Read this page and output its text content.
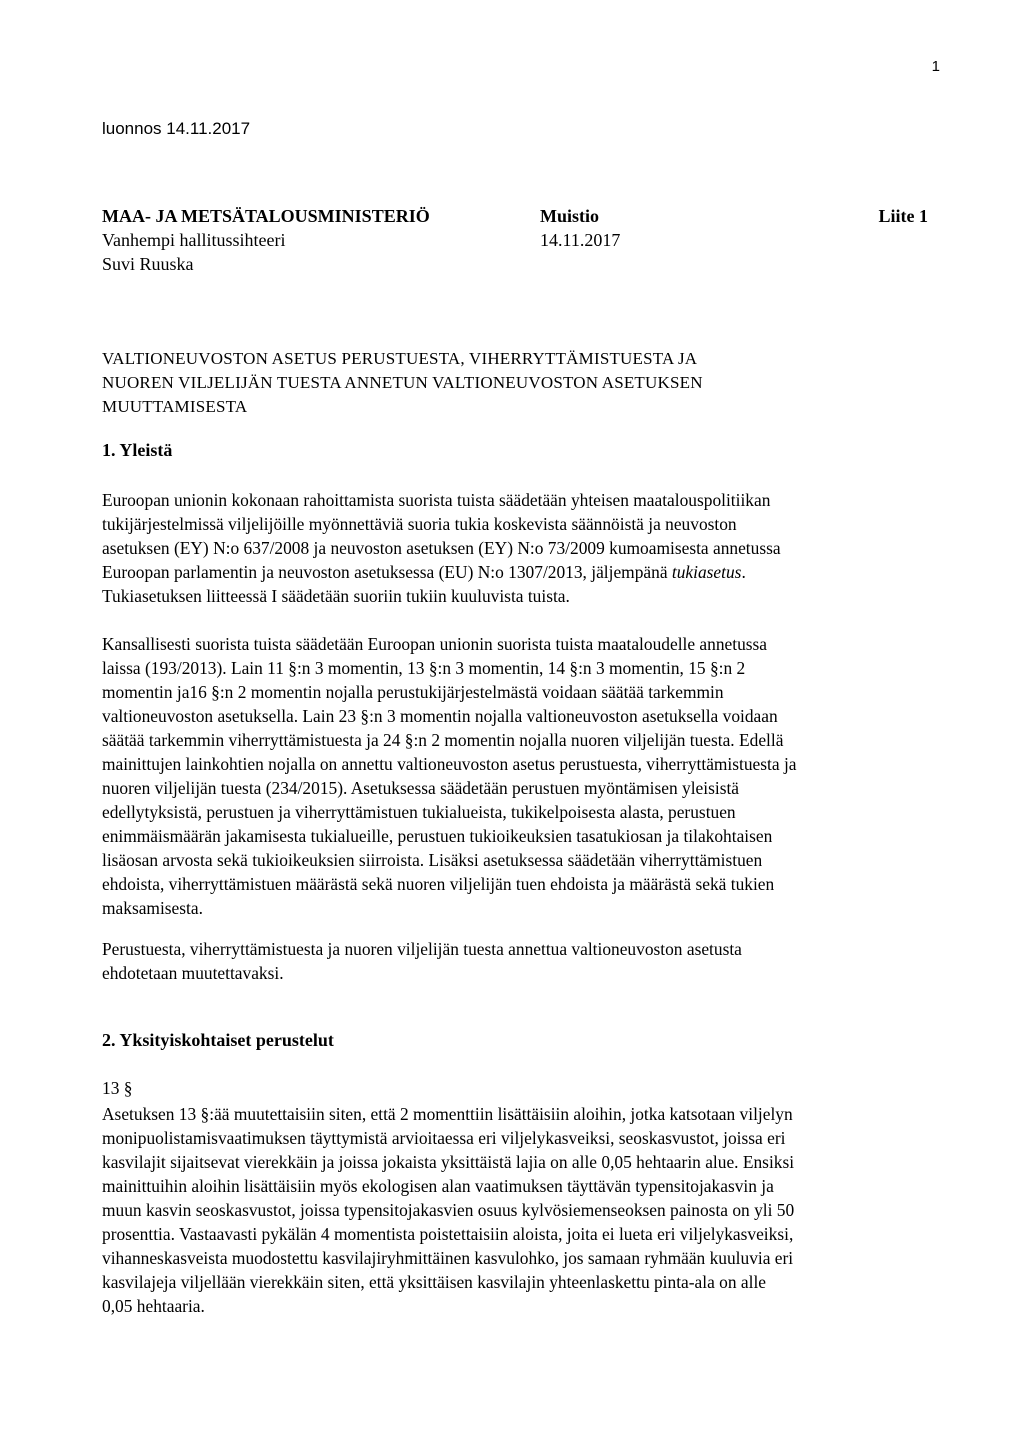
1
luonnos 14.11.2017
MAA- JA METSÄTALOUSMINISTERIÖ
Vanhempi hallitussihteeri
Suvi Ruuska
Muistio
14.11.2017
Liite 1
VALTIONEUVOSTON ASETUS PERUSTUESTA, VIHERRYTTÄMISTUESTA JA
NUOREN VILJELIJÄN TUESTA ANNETUN VALTIONEUVOSTON ASETUKSEN
MUUTTAMISESTA
1. Yleistä

Euroopan unionin kokonaan rahoittamista suorista tuista säädetään yhteisen maatalouspolitiikan
tukijärjestelmissä viljelijöille myönnettäviä suoria tukia koskevista säännöistä ja neuvoston
asetuksen (EY) N:o 637/2008 ja neuvoston asetuksen (EY) N:o 73/2009 kumoamisesta annetussa
Euroopan parlamentin ja neuvoston asetuksessa (EU) N:o 1307/2013, jäljempänä tukiasetus.
Tukiasetuksen liitteessä I säädetään suoriin tukiin kuuluvista tuista.

Kansallisesti suorista tuista säädetään Euroopan unionin suorista tuista maataloudelle annetussa
laissa (193/2013). Lain 11 §:n 3 momentin, 13 §:n 3 momentin, 14 §:n 3 momentin, 15 §:n 2
momentin ja16 §:n 2 momentin nojalla perustukijärjestelmästä voidaan säätää tarkemmin
valtioneuvoston asetuksella. Lain 23 §:n 3 momentin nojalla valtioneuvoston asetuksella voidaan
säätää tarkemmin viherryttämistuesta ja 24 §:n 2 momentin nojalla nuoren viljelijän tuesta. Edellä
mainittujen lainkohtien nojalla on annettu valtioneuvoston asetus perustuesta, viherryttämistuesta ja
nuoren viljelijän tuesta (234/2015). Asetuksessa säädetään perustuen myöntämisen yleisistä
edellytyksistä, perustuen ja viherryttämistuen tukialueista, tukikelpoisesta alasta, perustuen
enimmäismäärän jakamisesta tukialueille, perustuen tukioikeuksien tasatukiosan ja tilakohtaisen
lisäosan arvosta sekä tukioikeuksien siirroista. Lisäksi asetuksessa säädetään viherryttämistuen
ehdoista, viherryttämistuen määrästä sekä nuoren viljelijän tuen ehdoista ja määrästä sekä tukien
maksamisesta.

Perustuesta, viherryttämistuesta ja nuoren viljelijän tuesta annettua valtioneuvoston asetusta
ehdotetaan muutettavaksi.

2. Yksityiskohtaiset perustelut
13 §

Asetuksen 13 §:ää muutettaisiin siten, että 2 momenttiin lisättäisiin aloihin, jotka katsotaan viljelyn
monipuolistamisvaatimuksen täyttymistä arvioitaessa eri viljelykasveiksi, seoskasvustot, joissa eri
kasvilajit sijaitsevat vierekkäin ja joissa jokaista yksittäistä lajia on alle 0,05 hehtaarin alue. Ensiksi
mainittuihin aloihin lisättäisiin myös ekologisen alan vaatimuksen täyttävän typensitojakasvin ja
muun kasvin seoskasvustot, joissa typensitojakasvien osuus kylvösiemenseoksen painosta on yli 50
prosenttia. Vastaavasti pykälän 4 momentista poistettaisiin aloista, joita ei lueta eri viljelykasveiksi,
vihanneskasveista muodostettu kasvilajiryhmittäinen kasvulohko, jos samaan ryhmään kuuluvia eri
kasvilajeja viljellään vierekkäin siten, että yksittäisen kasvilajin yhteenlaskettu pinta-ala on alle
0,05 hehtaaria.
